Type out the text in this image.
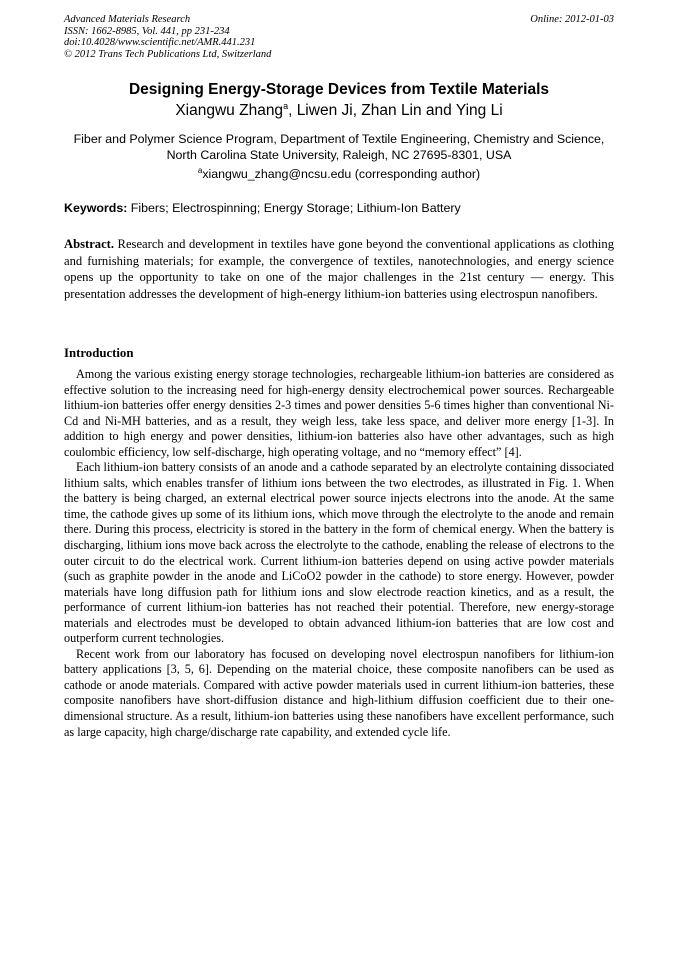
Advanced Materials Research
ISSN: 1662-8985, Vol. 441, pp 231-234
doi:10.4028/www.scientific.net/AMR.441.231
© 2012 Trans Tech Publications Ltd, Switzerland
Online: 2012-01-03
Designing Energy-Storage Devices from Textile Materials
Xiangwu Zhang$^a$, Liwen Ji, Zhan Lin and Ying Li
Fiber and Polymer Science Program, Department of Textile Engineering, Chemistry and Science,
North Carolina State University, Raleigh, NC 27695-8301, USA
$^a$xiangwu_zhang@ncsu.edu (corresponding author)
Keywords: Fibers; Electrospinning; Energy Storage; Lithium-Ion Battery
Abstract. Research and development in textiles have gone beyond the conventional applications as clothing and furnishing materials; for example, the convergence of textiles, nanotechnologies, and energy science opens up the opportunity to take on one of the major challenges in the 21st century — energy. This presentation addresses the development of high-energy lithium-ion batteries using electrospun nanofibers.
Introduction

Among the various existing energy storage technologies, rechargeable lithium-ion batteries are considered as effective solution to the increasing need for high-energy density electrochemical power sources. Rechargeable lithium-ion batteries offer energy densities 2-3 times and power densities 5-6 times higher than conventional Ni-Cd and Ni-MH batteries, and as a result, they weigh less, take less space, and deliver more energy [1-3]. In addition to high energy and power densities, lithium-ion batteries also have other advantages, such as high coulombic efficiency, low self-discharge, high operating voltage, and no “memory effect” [4].

Each lithium-ion battery consists of an anode and a cathode separated by an electrolyte containing dissociated lithium salts, which enables transfer of lithium ions between the two electrodes, as illustrated in Fig. 1. When the battery is being charged, an external electrical power source injects electrons into the anode. At the same time, the cathode gives up some of its lithium ions, which move through the electrolyte to the anode and remain there. During this process, electricity is stored in the battery in the form of chemical energy. When the battery is discharging, lithium ions move back across the electrolyte to the cathode, enabling the release of electrons to the outer circuit to do the electrical work. Current lithium-ion batteries depend on using active powder materials (such as graphite powder in the anode and LiCoO2 powder in the cathode) to store energy. However, powder materials have long diffusion path for lithium ions and slow electrode reaction kinetics, and as a result, the performance of current lithium-ion batteries has not reached their potential. Therefore, new energy-storage materials and electrodes must be developed to obtain advanced lithium-ion batteries that are low cost and outperform current technologies.

Recent work from our laboratory has focused on developing novel electrospun nanofibers for lithium-ion battery applications [3, 5, 6]. Depending on the material choice, these composite nanofibers can be used as cathode or anode materials. Compared with active powder materials used in current lithium-ion batteries, these composite nanofibers have short-diffusion distance and high-lithium diffusion coefficient due to their one-dimensional structure. As a result, lithium-ion batteries using these nanofibers have excellent performance, such as large capacity, high charge/discharge rate capability, and extended cycle life.
